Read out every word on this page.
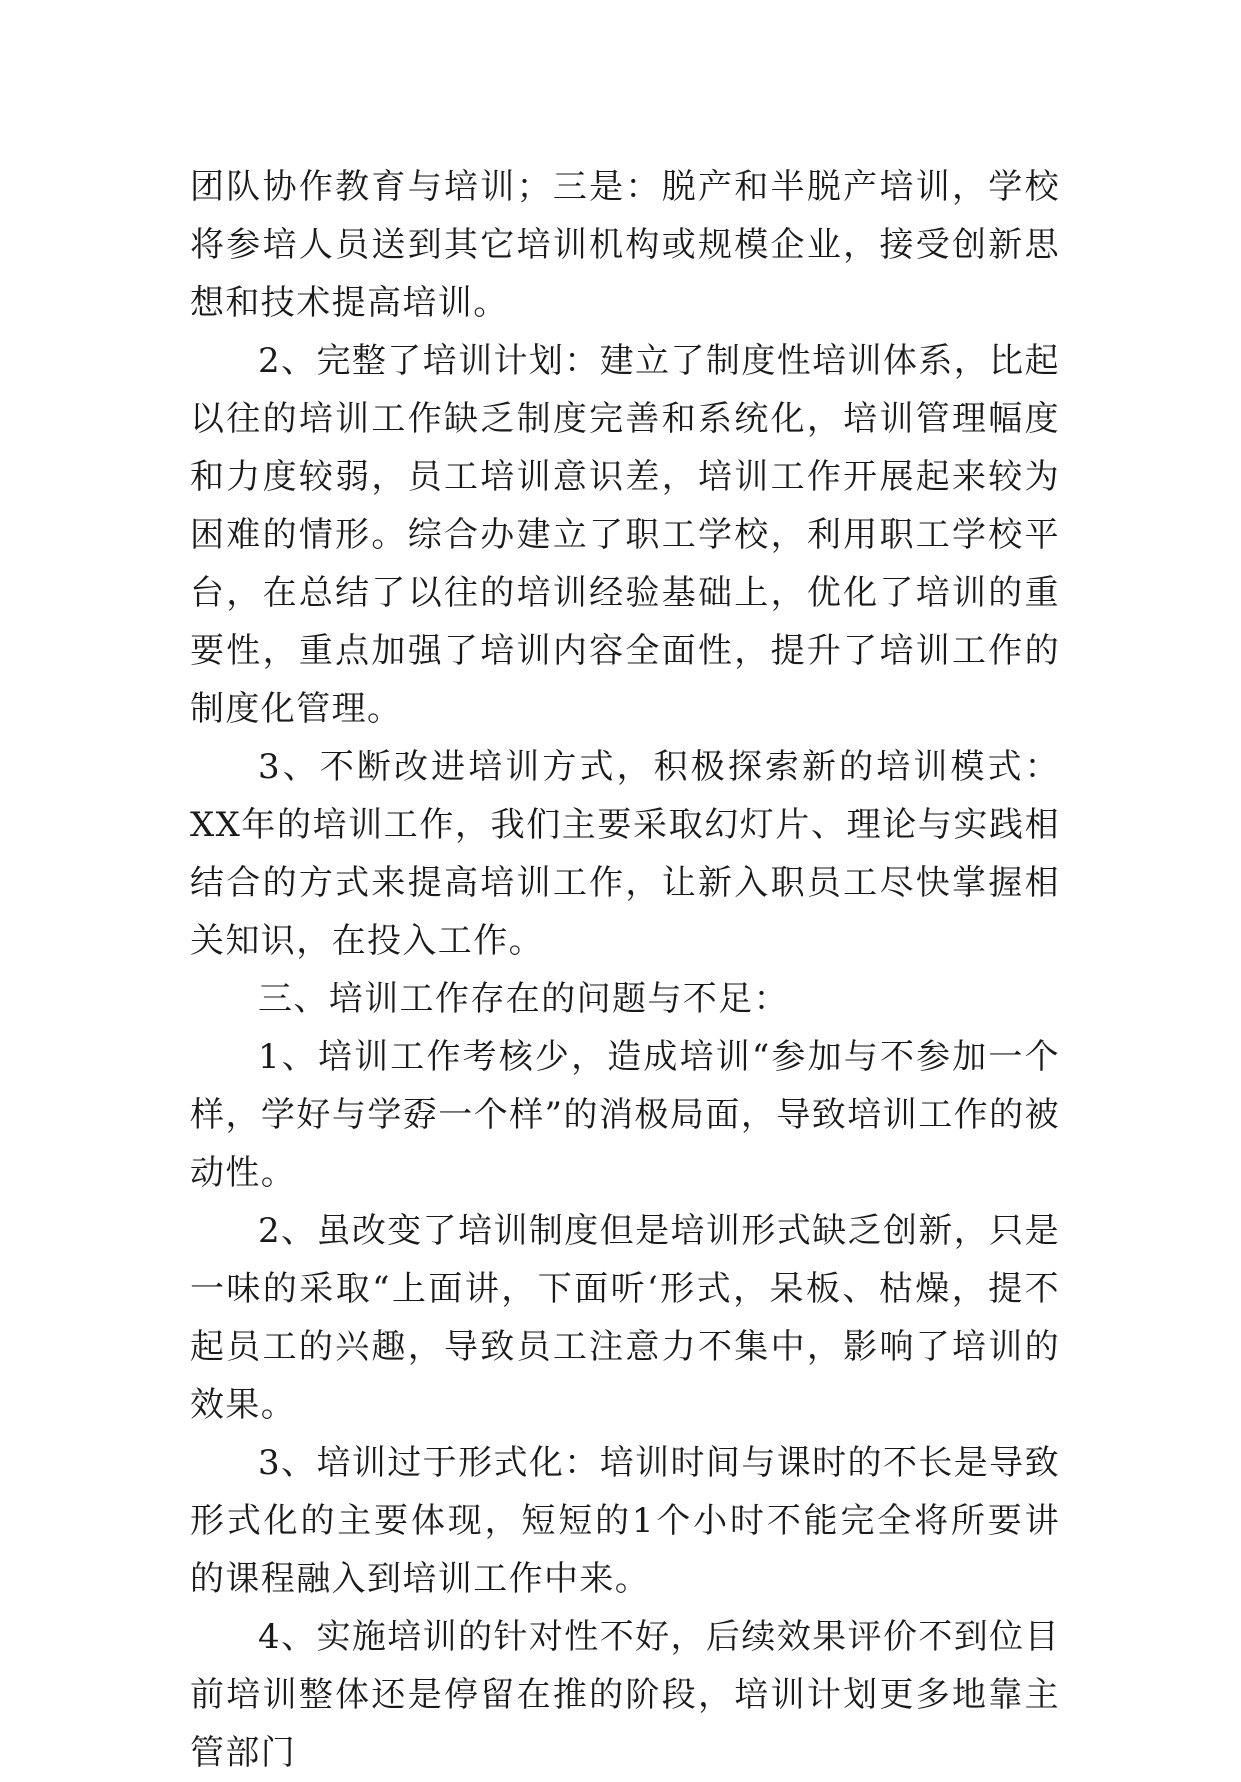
团队协作教育与培训；三是：脱产和半脱产培训，学校将参培人员送到其它培训机构或规模企业，接受创新思想和技术提高培训。

2、完整了培训计划：建立了制度性培训体系，比起以往的培训工作缺乏制度完善和系统化，培训管理幅度和力度较弱，员工培训意识差，培训工作开展起来较为困难的情形。综合办建立了职工学校，利用职工学校平台，在总结了以往的培训经验基础上，优化了培训的重要性，重点加强了培训内容全面性，提升了培训工作的制度化管理。

3、不断改进培训方式，积极探索新的培训模式：XX年的培训工作，我们主要采取幻灯片、理论与实践相结合的方式来提高培训工作，让新入职员工尽快掌握相关知识，在投入工作。

三、培训工作存在的问题与不足：

1、培训工作考核少，造成培训“参加与不参加一个样，学好与学孬一个样”的消极局面，导致培训工作的被动性。

2、虽改变了培训制度但是培训形式缺乏创新，只是一味的采取“上面讲，下面听‘形式，呆板、枯燥，提不起员工的兴趣，导致员工注意力不集中，影响了培训的效果。

3、培训过于形式化：培训时间与课时的不长是导致形式化的主要体现，短短的1个小时不能完全将所要讲的课程融入到培训工作中来。

4、实施培训的针对性不好，后续效果评价不到位目前培训整体还是停留在推的阶段，培训计划更多地靠主管部门
